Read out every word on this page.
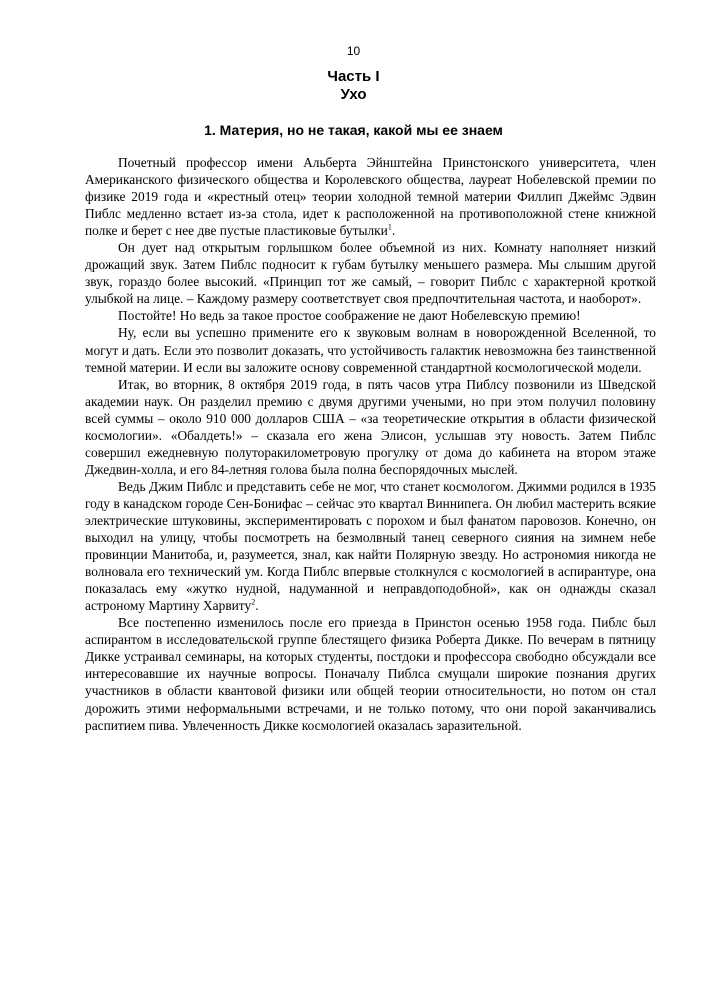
10
Часть I
Ухо
1. Материя, но не такая, какой мы ее знаем

Почетный профессор имени Альберта Эйнштейна Принстонского университета, член Американского физического общества и Королевского общества, лауреат Нобелевской премии по физике 2019 года и «крестный отец» теории холодной темной материи Филлип Джеймс Эдвин Пиблс медленно встает из-за стола, идет к расположенной на противоположной стене книжной полке и берет с нее две пустые пластиковые бутылки$^1$.

Он дует над открытым горлышком более объемной из них. Комнату наполняет низкий дрожащий звук. Затем Пиблс подносит к губам бутылку меньшего размера. Мы слышим другой звук, гораздо более высокий. «Принцип тот же самый, – говорит Пиблс с характерной кроткой улыбкой на лице. – Каждому размеру соответствует своя предпочтительная частота, и наоборот».

Постойте! Но ведь за такое простое соображение не дают Нобелевскую премию!

Ну, если вы успешно примените его к звуковым волнам в новорожденной Вселенной, то могут и дать. Если это позволит доказать, что устойчивость галактик невозможна без таинственной темной материи. И если вы заложите основу современной стандартной космологической модели.

Итак, во вторник, 8 октября 2019 года, в пять часов утра Пиблсу позвонили из Шведской академии наук. Он разделил премию с двумя другими учеными, но при этом получил половину всей суммы – около 910 000 долларов США – «за теоретические открытия в области физической космологии». «Обалдеть!» – сказала его жена Элисон, услышав эту новость. Затем Пиблс совершил ежедневную полуторакилометровую прогулку от дома до кабинета на втором этаже Джедвин-холла, и его 84-летняя голова была полна беспорядочных мыслей.

Ведь Джим Пиблс и представить себе не мог, что станет космологом. Джимми родился в 1935 году в канадском городе Сен-Бонифас – сейчас это квартал Виннипега. Он любил мастерить всякие электрические штуковины, экспериментировать с порохом и был фанатом паровозов. Конечно, он выходил на улицу, чтобы посмотреть на безмолвный танец северного сияния на зимнем небе провинции Манитоба, и, разумеется, знал, как найти Полярную звезду. Но астрономия никогда не волновала его технический ум. Когда Пиблс впервые столкнулся с космологией в аспирантуре, она показалась ему «жутко нудной, надуманной и неправдоподобной», как он однажды сказал астроному Мартину Харвиту$^2$.

Все постепенно изменилось после его приезда в Принстон осенью 1958 года. Пиблс был аспирантом в исследовательской группе блестящего физика Роберта Дикке. По вечерам в пятницу Дикке устраивал семинары, на которых студенты, постдоки и профессора свободно обсуждали все интересовавшие их научные вопросы. Поначалу Пиблса смущали широкие познания других участников в области квантовой физики или общей теории относительности, но потом он стал дорожить этими неформальными встречами, и не только потому, что они порой заканчивались распитием пива. Увлеченность Дикке космологией оказалась заразительной.
